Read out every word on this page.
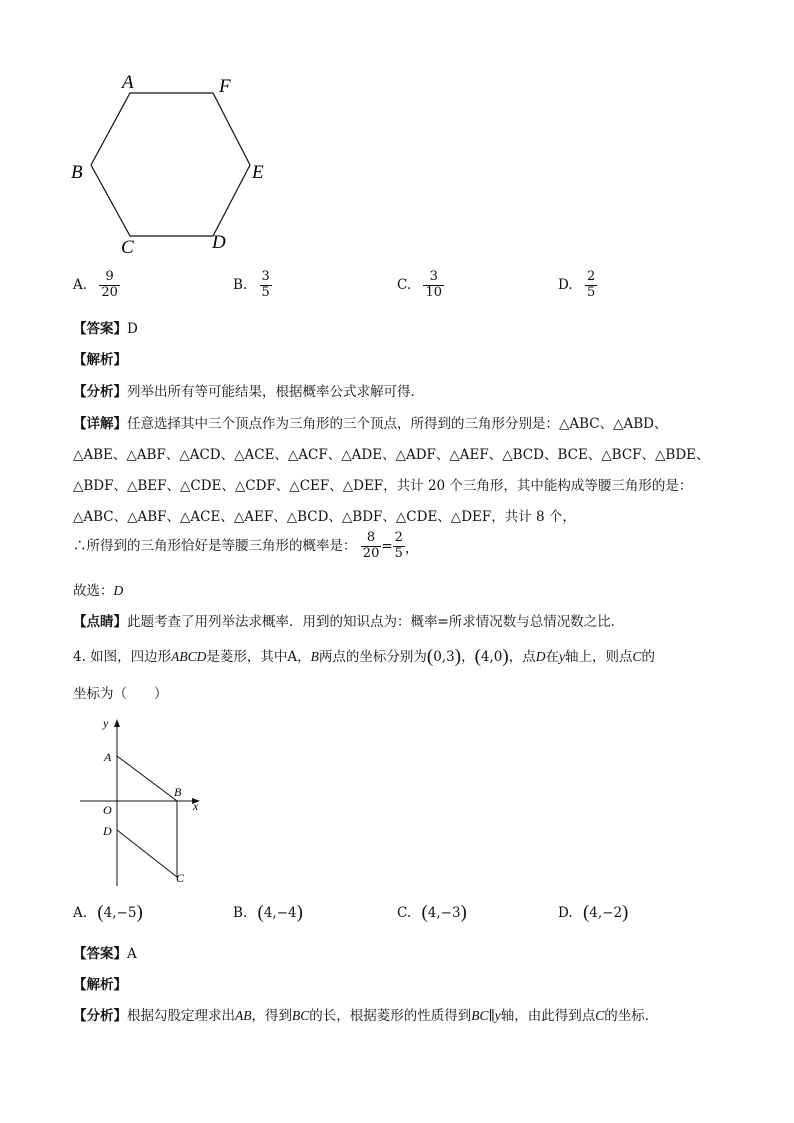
A	F
B	E
C	D
A. $\frac{9}{20}$	B. $\frac{3}{5}$	C. $\frac{3}{10}$	D. $\frac{2}{5}$
【答案】D
【解析】
【分析】列举出所有等可能结果，根据概率公式求解可得．
【详解】任意选择其中三个顶点作为三角形的三个顶点，所得到的三角形分别是：△ABC、△ABD、
△ABE、△ABF、△ACD、△ACE、△ACF、△ADE、△ADF、△AEF、△BCD、BCE、△BCF、△BDE、
△BDF、△BEF、△CDE、△CDF、△CEF、△DEF，共计 20 个三角形，其中能构成等腰三角形的是：
△ABC、△ABF、△ACE、△AEF、△BCD、△BDF、△CDE、△DEF，共计 8 个，
∴所得到的三角形恰好是等腰三角形的概率是： $\frac{8}{20} = \frac{2}{5}$ ，
故选：D
【点睛】此题考查了用列举法求概率．用到的知识点为：概率=所求情况数与总情况数之比．
4. 如图，四边形ABCD是菱形，其中A，B两点的坐标分别为(0,3)，(4,0)，点D在y轴上，则点C的
坐标为（　　）
y
x
O
A
B
D
C
A. (4,−5)	B. (4,−4)	C. (4,−3)	D. (4,−2)
【答案】A
【解析】
【分析】根据勾股定理求出AB，得到BC的长，根据菱形的性质得到BC∥y轴，由此得到点C的坐标．
